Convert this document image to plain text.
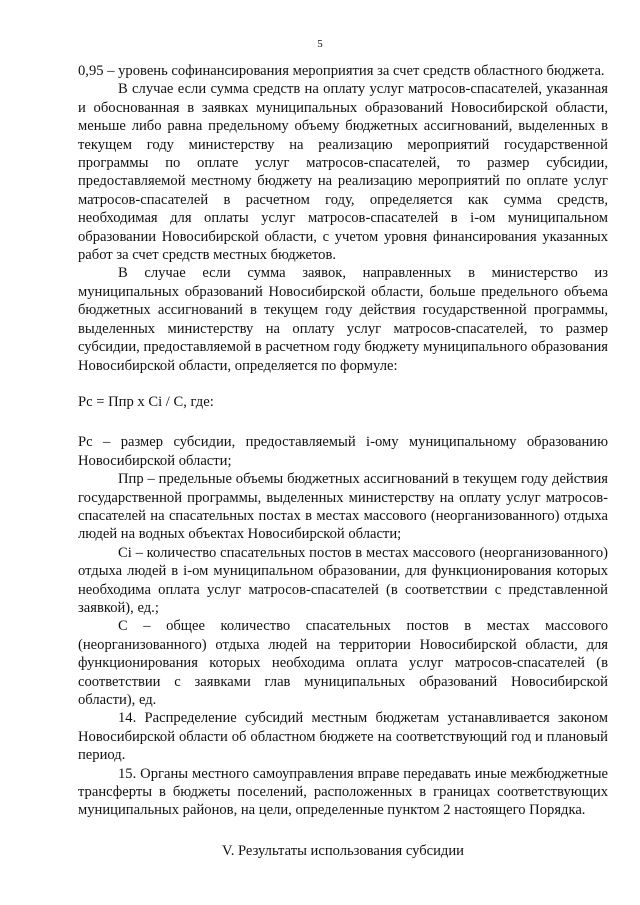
5

0,95 – уровень софинансирования мероприятия за счет средств областного бюджета.

В случае если сумма средств на оплату услуг матросов-спасателей, указанная и обоснованная в заявках муниципальных образований Новосибирской области, меньше либо равна предельному объему бюджетных ассигнований, выделенных в текущем году министерству на реализацию мероприятий государственной программы по оплате услуг матросов-спасателей, то размер субсидии, предоставляемой местному бюджету на реализацию мероприятий по оплате услуг матросов-спасателей в расчетном году, определяется как сумма средств, необходимая для оплаты услуг матросов-спасателей в i-ом муниципальном образовании Новосибирской области, с учетом уровня финансирования указанных работ за счет средств местных бюджетов.

В случае если сумма заявок, направленных в министерство из муниципальных образований Новосибирской области, больше предельного объема бюджетных ассигнований в текущем году действия государственной программы, выделенных министерству на оплату услуг матросов-спасателей, то размер субсидии, предоставляемой в расчетном году бюджету муниципального образования Новосибирской области, определяется по формуле:

Рс = Ппр х Ci / C, где:

Рс – размер субсидии, предоставляемый i-ому муниципальному образованию Новосибирской области;

Ппр – предельные объемы бюджетных ассигнований в текущем году действия государственной программы, выделенных министерству на оплату услуг матросов-спасателей на спасательных постах в местах массового (неорганизованного) отдыха людей на водных объектах Новосибирской области;

Ci – количество спасательных постов в местах массового (неорганизованного) отдыха людей в i-ом муниципальном образовании, для функционирования которых необходима оплата услуг матросов-спасателей (в соответствии с представленной заявкой), ед.;

С – общее количество спасательных постов в местах массового (неорганизованного) отдыха людей на территории Новосибирской области, для функционирования которых необходима оплата услуг матросов-спасателей (в соответствии с заявками глав муниципальных образований Новосибирской области), ед.

14. Распределение субсидий местным бюджетам устанавливается законом Новосибирской области об областном бюджете на соответствующий год и плановый период.

15. Органы местного самоуправления вправе передавать иные межбюджетные трансферты в бюджеты поселений, расположенных в границах соответствующих муниципальных районов, на цели, определенные пунктом 2 настоящего Порядка.

V. Результаты использования субсидии
